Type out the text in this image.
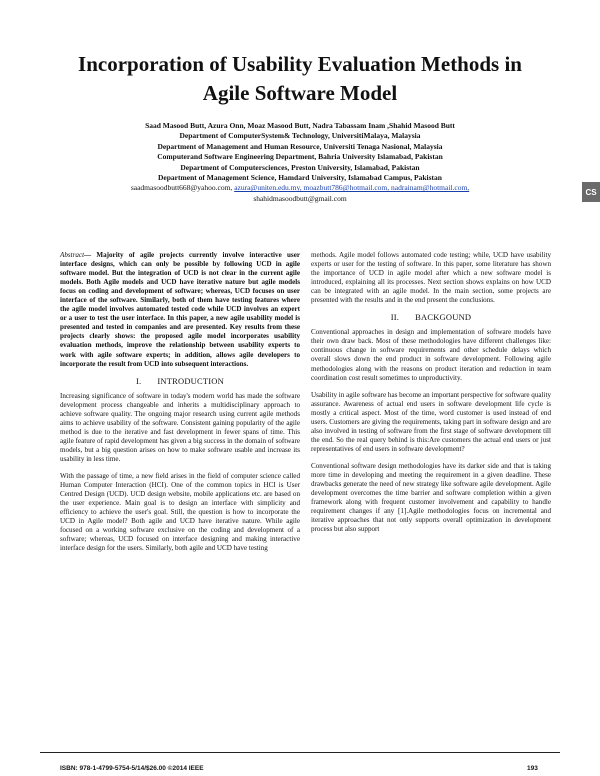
Incorporation of Usability Evaluation Methods in
Agile Software Model
Saad Masood Butt, Azura Onn, Moaz Masood Butt, Nadra Tabassam Inam ,Shahid Masood Butt
Department of ComputerSystem& Technology, UniversitiMalaya, Malaysia
Department of Management and Human Resource, Universiti Tenaga Nasional, Malaysia
Computerand Software Engineering Department, Bahria University Islamabad, Pakistan
Department of Computersciences, Preston University, Islamabad, Pakistan
Department of Management Science, Hamdard University, Islamabad Campus, Pakistan
saadmasoodbutt668@yahoo.com, azura@uniten.edu.my, moazbutt786@hotmail.com, nadrainam@hotmail.com,
shahidmasoodbutt@gmail.com
CS

Abstract— Majority of agile projects currently involve interactive user interface designs, which can only be possible by following UCD in agile software model. But the integration of UCD is not clear in the current agile models. Both Agile models and UCD have iterative nature but agile models focus on coding and development of software; whereas, UCD focuses on user interface of the software. Similarly, both of them have testing features where the agile model involves automated tested code while UCD involves an expert or a user to test the user interface. In this paper, a new agile usability model is presented and tested in companies and are presented. Key results from these projects clearly shows: the proposed agile model incorporates usability evaluation methods, improve the relationship between usability experts to work with agile software experts; in addition, allows agile developers to incorporate the result from UCD into subsequent interactions.

I. INTRODUCTION

Increasing significance of software in today's modern world has made the software development process changeable and inherits a multidisciplinary approach to achieve software quality. The ongoing major research using current agile methods aims to achieve usability of the software. Consistent gaining popularity of the agile method is due to the iterative and fast development in fewer spans of time. This agile feature of rapid development has given a big success in the domain of software models, but a big question arises on how to make software usable and increase its usability in less time.

With the passage of time, a new field arises in the field of computer science called Human Computer Interaction (HCI). One of the common topics in HCI is User Centred Design (UCD). UCD design website, mobile applications etc. are based on the user experience. Main goal is to design an interface with simplicity and efficiency to achieve the user's goal. Still, the question is how to incorporate the UCD in Agile model? Both agile and UCD have iterative nature. While agile focused on a working software exclusive on the coding and development of a software; whereas, UCD focused on interface designing and making interactive interface design for the users. Similarly, both agile and UCD have testing

methods. Agile model follows automated code testing; while, UCD have usability experts or user for the testing of software. In this paper, some literature has shown the importance of UCD in agile model after which a new software model is introduced, explaining all its processes. Next section shows explains on how UCD can be integrated with an agile model. In the main section, some projects are presented with the results and in the end present the conclusions.

II. BACKGOUND

Conventional approaches in design and implementation of software models have their own draw back. Most of these methodologies have different challenges like: continuous change in software requirements and other schedule delays which overall slows down the end product in software development. Following agile methodologies along with the reasons on product iteration and reduction in team coordination cost result sometimes to unproductivity.

Usability in agile software has become an important perspective for software quality assurance. Awareness of actual end users in software development life cycle is mostly a critical aspect. Most of the time, word customer is used instead of end users. Customers are giving the requirements, taking part in software design and are also involved in testing of software from the first stage of software development till the end. So the real query behind is this:Are customers the actual end users or just representatives of end users in software development?

Conventional software design methodologies have its darker side and that is taking more time in developing and meeting the requirement in a given deadline. These drawbacks generate the need of new strategy like software agile development. Agile development overcomes the time barrier and software completion within a given framework along with frequent customer involvement and capability to handle requirement changes if any [1].Agile methodologies focus on incremental and iterative approaches that not only supports overall optimization in development process but also support

ISBN: 978-1-4799-5754-5/14/$26.00 ©2014 IEEE	193
